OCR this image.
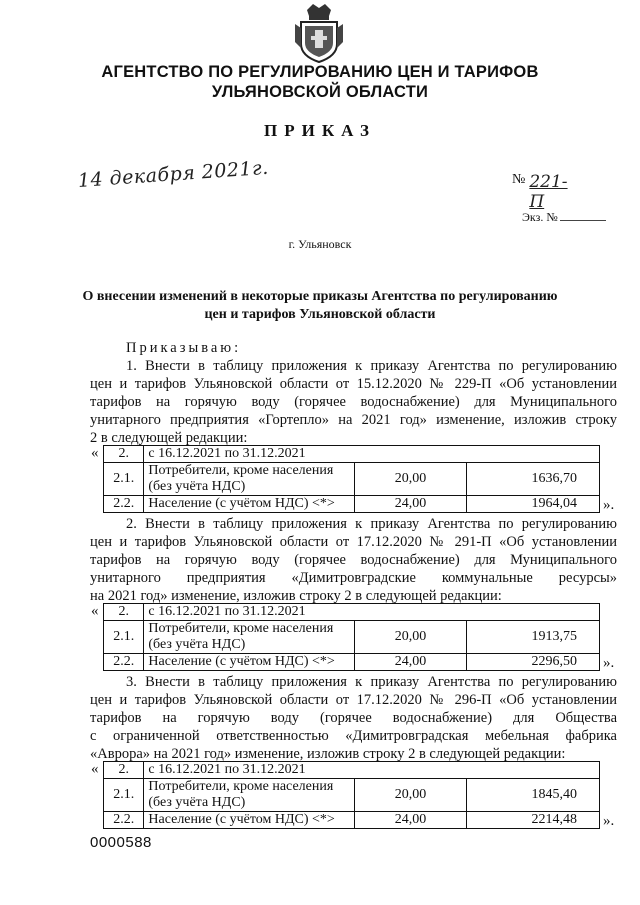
АГЕНТСТВО ПО РЕГУЛИРОВАНИЮ ЦЕН И ТАРИФОВ
УЛЬЯНОВСКОЙ ОБЛАСТИ
ПРИКАЗ
14 декабря 2021г.	№ 221-П
Экз. №
г. Ульяновск
О внесении изменений в некоторые приказы Агентства по регулированию
цен и тарифов Ульяновской области
Приказываю:
1. Внести в таблицу приложения к приказу Агентства по регулированию
цен и тарифов Ульяновской области от 15.12.2020 № 229-П «Об установлении
тарифов на горячую воду (горячее водоснабжение) для Муниципального
унитарного предприятия «Гортепло» на 2021 год» изменение, изложив строку
2 в следующей редакции:
« 2.	с 16.12.2021 по 31.12.2021		
2.1.	Потребители, кроме населения
(без учёта НДС)	20,00	1636,70
2.2.	Население (с учётом НДС) <*>	24,00	1964,04 ».
2. Внести в таблицу приложения к приказу Агентства по регулированию
цен и тарифов Ульяновской области от 17.12.2020 № 291-П «Об установлении
тарифов на горячую воду (горячее водоснабжение) для Муниципального
унитарного предприятия «Димитровградские коммунальные ресурсы»
на 2021 год» изменение, изложив строку 2 в следующей редакции:
« 2.	с 16.12.2021 по 31.12.2021		
2.1.	Потребители, кроме населения
(без учёта НДС)	20,00	1913,75
2.2.	Население (с учётом НДС) <*>	24,00	2296,50 ».
3. Внести в таблицу приложения к приказу Агентства по регулированию
цен и тарифов Ульяновской области от 17.12.2020 № 296-П «Об установлении
тарифов на горячую воду (горячее водоснабжение) для Общества
с ограниченной ответственностью «Димитровградская мебельная фабрика
«Аврора» на 2021 год» изменение, изложив строку 2 в следующей редакции:
« 2.	с 16.12.2021 по 31.12.2021		
2.1.	Потребители, кроме населения
(без учёта НДС)	20,00	1845,40
2.2.	Население (с учётом НДС) <*>	24,00	2214,48 ».
0000588
